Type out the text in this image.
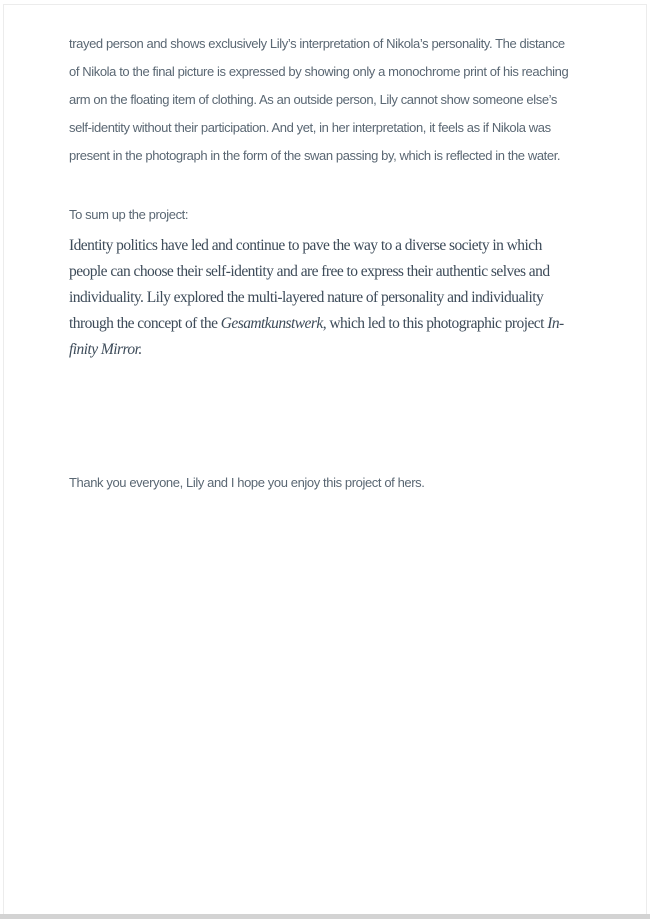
trayed person and shows exclusively Lily’s interpretation of Nikola’s personality. The distance
of Nikola to the final picture is expressed by showing only a monochrome print of his reaching
arm on the floating item of clothing. As an outside person, Lily cannot show someone else’s
self-identity without their participation. And yet, in her interpretation, it feels as if Nikola was
present in the photograph in the form of the swan passing by, which is reflected in the water.
To sum up the project:
Identity politics have led and continue to pave the way to a diverse society in which
people can choose their self-identity and are free to express their authentic selves and
individuality. Lily explored the multi-layered nature of personality and individuality
through the concept of the Gesamtkunstwerk, which led to this photographic project In-
finity Mirror.
Thank you everyone, Lily and I hope you enjoy this project of hers.
